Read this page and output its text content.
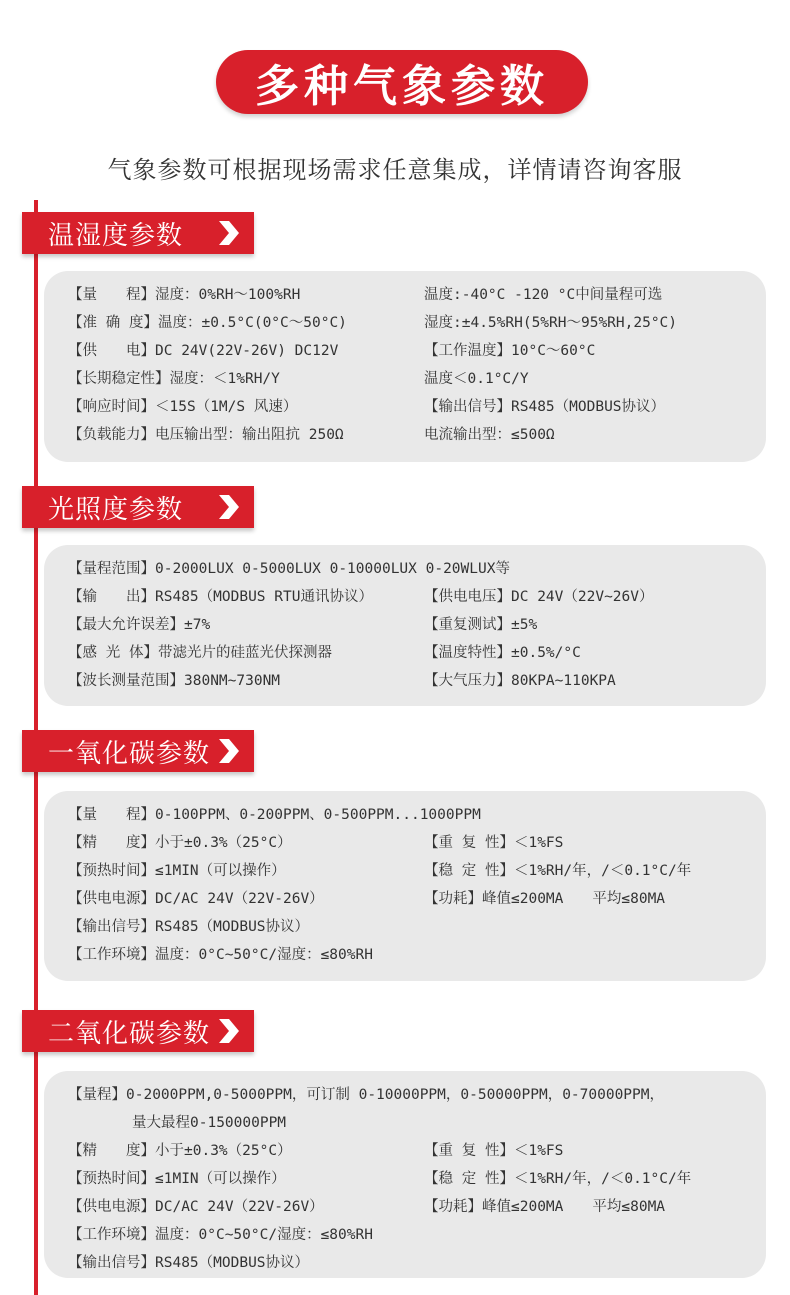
多种气象参数
气象参数可根据现场需求任意集成，详情请咨询客服
温湿度参数
【量　　程】湿度：0%RH～100%RH	温度:-40°C -120 °C中间量程可选
【准 确 度】温度：±0.5°C(0°C～50°C)	湿度:±4.5%RH(5%RH～95%RH,25°C)
【供　　电】DC 24V(22V-26V) DC12V	【工作温度】10°C～60°C
【长期稳定性】湿度：＜1%RH/Y	温度＜0.1°C/Y
【响应时间】＜15S（1M/S 风速）	【输出信号】RS485（MODBUS协议）
【负载能力】电压输出型：输出阻抗 250Ω	电流输出型：≤500Ω
光照度参数
【量程范围】0-2000LUX 0-5000LUX 0-10000LUX 0-20WLUX等
【输　　出】RS485（MODBUS RTU通讯协议）	【供电电压】DC 24V（22V~26V）
【最大允许误差】±7%	【重复测试】±5%
【感 光 体】带滤光片的硅蓝光伏探测器	【温度特性】±0.5%/°C
【波长测量范围】380NM~730NM	【大气压力】80KPA~110KPA
一氧化碳参数
【量　　程】0-100PPM、0-200PPM、0-500PPM...1000PPM
【精　　度】小于±0.3%（25°C）	【重 复 性】＜1%FS
【预热时间】≤1MIN（可以操作）	【稳 定 性】＜1%RH/年，/＜0.1°C/年
【供电电源】DC/AC 24V（22V-26V）	【功耗】峰值≤200MA　　平均≤80MA
【输出信号】RS485（MODBUS协议）
【工作环境】温度：0°C~50°C/湿度：≤80%RH
二氧化碳参数
【量程】0-2000PPM,0-5000PPM，可订制 0-10000PPM，0-50000PPM，0-70000PPM，
量大最程0-150000PPM
【精　　度】小于±0.3%（25°C）	【重 复 性】＜1%FS
【预热时间】≤1MIN（可以操作）	【稳 定 性】＜1%RH/年，/＜0.1°C/年
【供电电源】DC/AC 24V（22V-26V）	【功耗】峰值≤200MA　　平均≤80MA
【工作环境】温度：0°C~50°C/湿度：≤80%RH
【输出信号】RS485（MODBUS协议）
